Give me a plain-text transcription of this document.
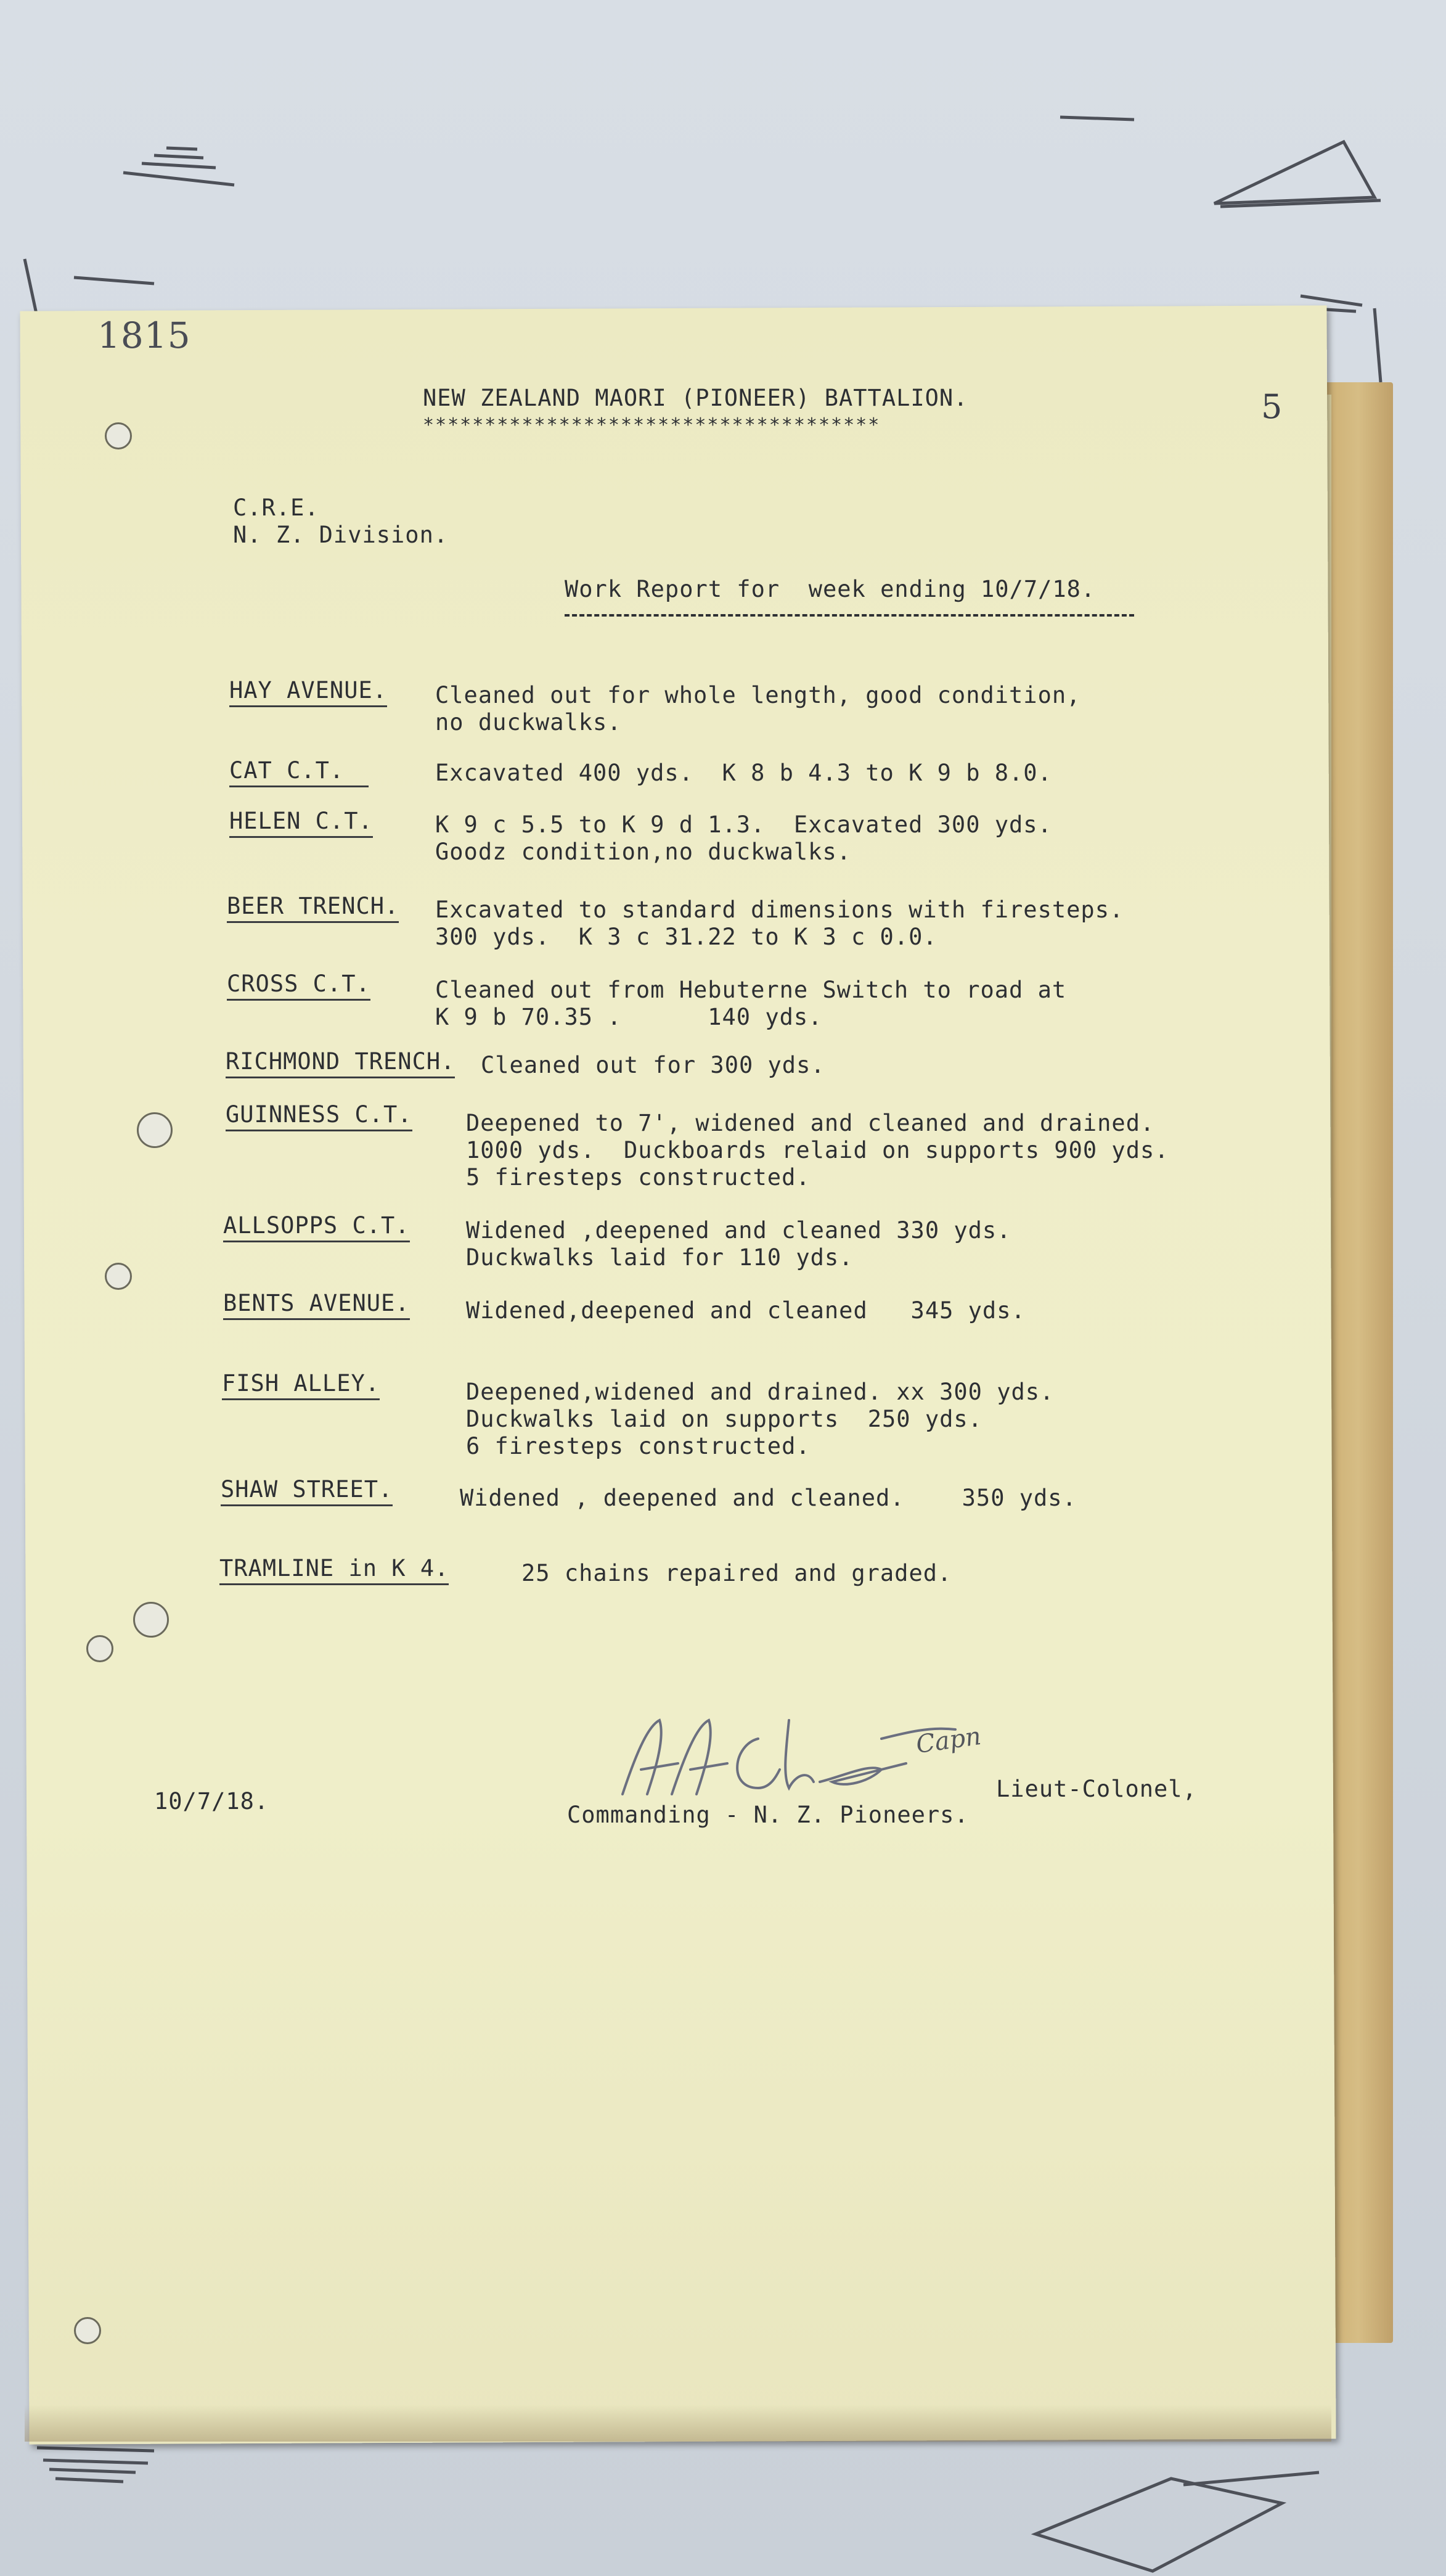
1815
5
NEW ZEALAND MAORI (PIONEER) BATTALION.
*************************************
C.R.E.
N. Z. Division.
Work Report for  week ending 10/7/18.
HAY AVENUE. Cleaned out for whole length, good condition,
no duckwalks.
CAT C.T.	Excavated 400 yds.  K 8 b 4.3 to K 9 b 8.0.
HELEN C.T.	K 9 c 5.5 to K 9 d 1.3.  Excavated 300 yds.
Goodz condition,no duckwalks.
BEER TRENCH. Excavated to standard dimensions with firesteps.
300 yds.  K 3 c 31.22 to K 3 c 0.0.
CROSS C.T.	Cleaned out from Hebuterne Switch to road at
K 9 b 70.35 .      140 yds.
RICHMOND TRENCH. Cleaned out for 300 yds.
GUINNESS C.T. Deepened to 7', widened and cleaned and drained.
1000 yds.  Duckboards relaid on supports 900 yds.
5 firesteps constructed.
ALLSOPPS C.T. Widened ,deepened and cleaned 330 yds.
Duckwalks laid for 110 yds.
BENTS AVENUE. Widened,deepened and cleaned   345 yds.
FISH ALLEY.	Deepened,widened and drained. xx 300 yds.
Duckwalks laid on supports  250 yds.
6 firesteps constructed.
SHAW STREET.	Widened , deepened and cleaned.    350 yds.
TRAMLINE in K 4.	25 chains repaired and graded.
10/7/18.	Lieut-Colonel,
Commanding - N. Z. Pioneers.
Capn
